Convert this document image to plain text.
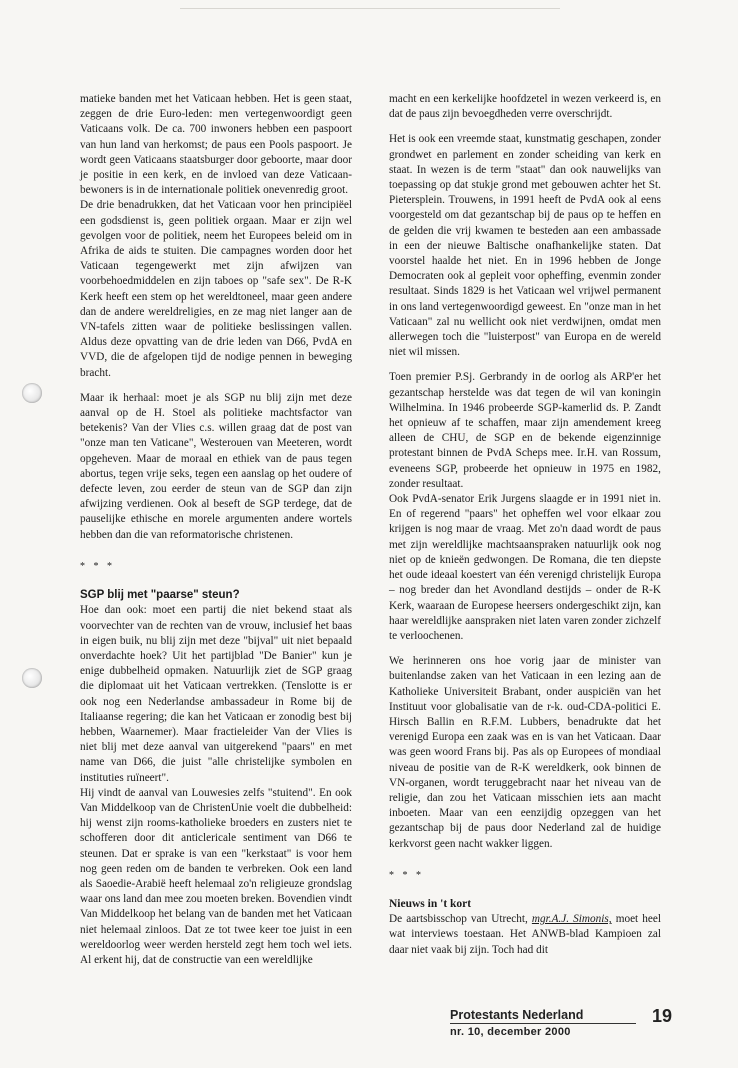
matieke banden met het Vaticaan hebben. Het is geen staat, zeggen de drie Euro-leden: men vertegenwoordigt geen Vaticaans volk. De ca. 700 inwoners hebben een paspoort van hun land van herkomst; de paus een Pools paspoort. Je wordt geen Vaticaans staatsburger door geboorte, maar door je positie in een kerk, en de invloed van deze Vaticaan-bewoners is in de internationale politiek onevenredig groot.

De drie benadrukken, dat het Vaticaan voor hen principiëel een godsdienst is, geen politiek orgaan. Maar er zijn wel gevolgen voor de politiek, neem het Europees beleid om in Afrika de aids te stuiten. Die campagnes worden door het Vaticaan tegengewerkt met zijn afwijzen van voorbehoedmiddelen en zijn taboes op "safe sex". De R-K Kerk heeft een stem op het wereldtoneel, maar geen andere dan de andere wereldreligies, en ze mag niet langer aan de VN-tafels zitten waar de politieke beslissingen vallen. Aldus deze opvatting van de drie leden van D66, PvdA en VVD, die de afgelopen tijd de nodige pennen in beweging bracht.

Maar ik herhaal: moet je als SGP nu blij zijn met deze aanval op de H. Stoel als politieke machtsfactor van betekenis? Van der Vlies c.s. willen graag dat de post van "onze man ten Vaticane", Westerouen van Meeteren, wordt opgeheven. Maar de moraal en ethiek van de paus tegen abortus, tegen vrije seks, tegen een aanslag op het oudere of defecte leven, zou eerder de steun van de SGP dan zijn afwijzing verdienen. Ook al beseft de SGP terdege, dat de pauselijke ethische en morele argumenten andere wortels hebben dan die van reformatorische christenen.

* * *

SGP blij met "paarse" steun?

Hoe dan ook: moet een partij die niet bekend staat als voorvechter van de rechten van de vrouw, inclusief het baas in eigen buik, nu blij zijn met deze "bijval" uit niet bepaald onverdachte hoek? Uit het partijblad "De Banier" kun je enige dubbelheid opmaken. Natuurlijk ziet de SGP graag die diplomaat uit het Vaticaan vertrekken. (Tenslotte is er ook nog een Nederlandse ambassadeur in Rome bij de Italiaanse regering; die kan het Vaticaan er zonodig best bij hebben, Waarnemer). Maar fractieleider Van der Vlies is niet blij met deze aanval van uitgerekend "paars" en met name van D66, die juist "alle christelijke symbolen en instituties ruïneert".

Hij vindt de aanval van Louwesies zelfs "stuitend". En ook Van Middelkoop van de ChristenUnie voelt die dubbelheid: hij wenst zijn rooms-katholieke broeders en zusters niet te schofferen door dit anticlericale sentiment van D66 te steunen. Dat er sprake is van een "kerkstaat" is voor hem nog geen reden om de banden te verbreken. Ook een land als Saoedie-Arabië heeft helemaal zo'n religieuze grondslag waar ons land dan mee zou moeten breken. Bovendien vindt Van Middelkoop het belang van de banden met het Vaticaan niet helemaal zinloos. Dat ze tot twee keer toe juist in een wereldoorlog weer werden hersteld zegt hem toch wel iets. Al erkent hij, dat de constructie van een wereldlijke

macht en een kerkelijke hoofdzetel in wezen verkeerd is, en dat de paus zijn bevoegdheden verre overschrijdt.

Het is ook een vreemde staat, kunstmatig geschapen, zonder grondwet en parlement en zonder scheiding van kerk en staat. In wezen is de term "staat" dan ook nauwelijks van toepassing op dat stukje grond met gebouwen achter het St. Pietersplein. Trouwens, in 1991 heeft de PvdA ook al eens voorgesteld om dat gezantschap bij de paus op te heffen en de gelden die vrij kwamen te besteden aan een ambassade in een der nieuwe Baltische onafhankelijke staten. Dat voorstel haalde het niet. En in 1996 hebben de Jonge Democraten ook al gepleit voor opheffing, evenmin zonder resultaat. Sinds 1829 is het Vaticaan wel vrijwel permanent in ons land vertegenwoordigd geweest. En "onze man in het Vaticaan" zal nu wellicht ook niet verdwijnen, omdat men allerwegen toch die "luisterpost" van Europa en de wereld niet wil missen.

Toen premier P.Sj. Gerbrandy in de oorlog als ARP'er het gezantschap herstelde was dat tegen de wil van koningin Wilhelmina. In 1946 probeerde SGP-kamerlid ds. P. Zandt het opnieuw af te schaffen, maar zijn amendement kreeg alleen de CHU, de SGP en de bekende eigenzinnige protestant binnen de PvdA Scheps mee. Ir.H. van Rossum, eveneens SGP, probeerde het opnieuw in 1975 en 1982, zonder resultaat.

Ook PvdA-senator Erik Jurgens slaagde er in 1991 niet in. En of regerend "paars" het opheffen wel voor elkaar zou krijgen is nog maar de vraag. Met zo'n daad wordt de paus met zijn wereldlijke machtsaanspraken natuurlijk ook nog niet op de knieën gedwongen. De Romana, die ten diepste het oude ideaal koestert van één verenigd christelijk Europa – nog breder dan het Avondland destijds – onder de R-K Kerk, waaraan de Europese heersers ondergeschikt zijn, kan haar wereldlijke aanspraken niet laten varen zonder zichzelf te verloochenen.

We herinneren ons hoe vorig jaar de minister van buitenlandse zaken van het Vaticaan in een lezing aan de Katholieke Universiteit Brabant, onder auspiciën van het Instituut voor globalisatie van de r-k. oud-CDA-politici E. Hirsch Ballin en R.F.M. Lubbers, benadrukte dat het verenigd Europa een zaak was en is van het Vaticaan. Daar was geen woord Frans bij. Pas als op Europees of mondiaal niveau de positie van de R-K wereldkerk, ook binnen de VN-organen, wordt teruggebracht naar het niveau van de religie, dan zou het Vaticaan misschien iets aan macht inboeten. Maar van een eenzijdig opzeggen van het gezantschap bij de paus door Nederland zal de huidige kerkvorst geen nacht wakker liggen.

* * *

Nieuws in 't kort

De aartsbisschop van Utrecht, mgr.A.J. Simonis, moet heel wat interviews toestaan. Het ANWB-blad Kampioen zal daar niet vaak bij zijn. Toch had dit

Protestants Nederland
nr. 10, december 2000
19
